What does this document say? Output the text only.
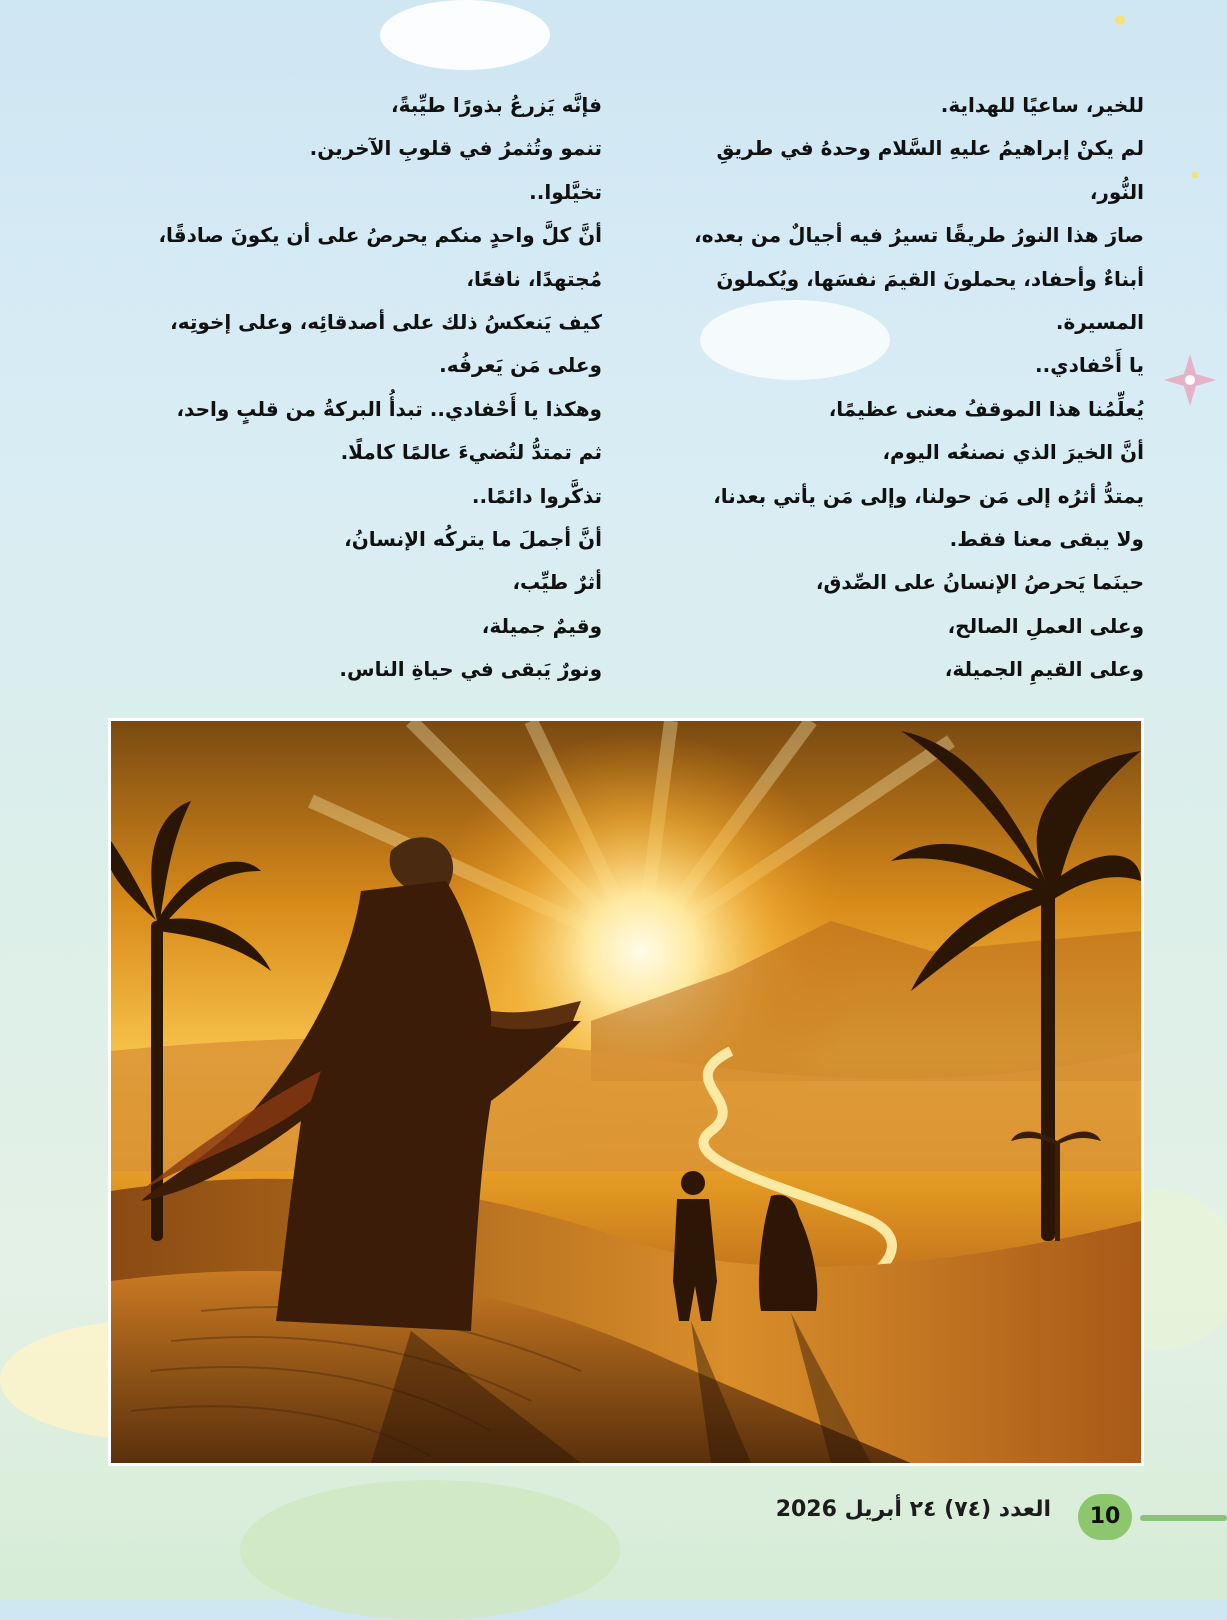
للخير، ساعيًا للهداية.
لم يكنْ إبراهيمُ عليهِ السَّلام وحدهُ في طريقِ
النُّور،
صارَ هذا النورُ طريقًا تسيرُ فيه أجيالٌ من بعده،
أبناءٌ وأحفاد، يحملونَ القيمَ نفسَها، ويُكملونَ
المسيرة.
يا أَحْفادي..
يُعلِّمُنا هذا الموقفُ معنى عظيمًا،
أنَّ الخيرَ الذي نصنعُه اليوم،
يمتدُّ أثرُه إلى مَن حولنا، وإلى مَن يأتي بعدنا،
ولا يبقى معنا فقط.
حينَما يَحرصُ الإنسانُ على الصِّدق،
وعلى العملِ الصالح،
وعلى القيمِ الجميلة،
فإنَّه يَزرعُ بذورًا طيِّبةً،
تنمو وتُثمرُ في قلوبِ الآخرين.
تخيَّلوا..
أنَّ كلَّ واحدٍ منكم يحرصُ على أن يكونَ صادقًا،
مُجتهدًا، نافعًا،
كيف يَنعكسُ ذلك على أصدقائِه، وعلى إخوتِه،
وعلى مَن يَعرفُه.
وهكذا يا أَحْفادي.. تبدأُ البركةُ من قلبٍ واحد،
ثم تمتدُّ لتُضيءَ عالمًا كاملًا.
تذكَّروا دائمًا..
أنَّ أجملَ ما يتركُه الإنسانُ،
أثرٌ طيِّب،
وقيمٌ جميلة،
ونورٌ يَبقى في حياةِ الناس.
10
العدد (٧٤) ٢٤ أبريل 2026
